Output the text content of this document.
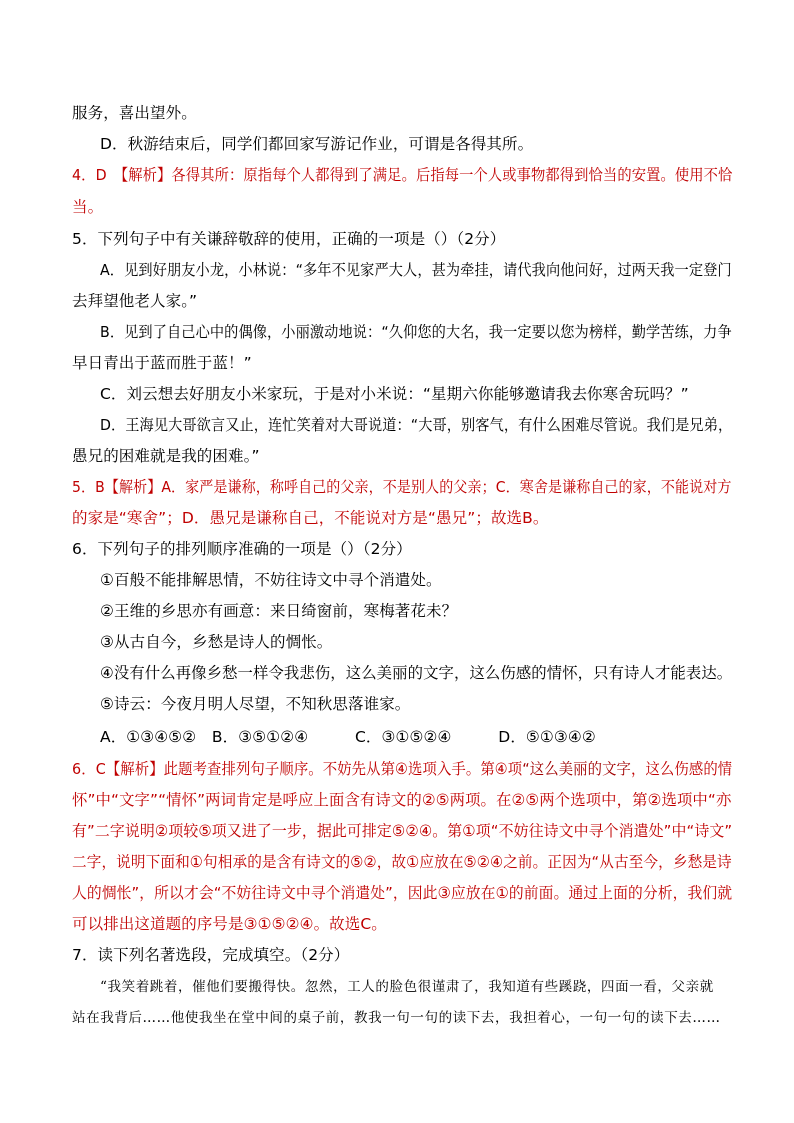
服务，喜出望外。
D．秋游结束后，同学们都回家写游记作业，可谓是各得其所。
4．D　【解析】各得其所：原指每个人都得到了满足。后指每一个人或事物都得到恰当的安置。使用不恰
当。
5．下列句子中有关谦辞敬辞的使用，正确的一项是（）（2分）
A．见到好朋友小龙，小林说：“多年不见家严大人，甚为牵挂，请代我向他问好，过两天我一定登门
去拜望他老人家。”
B．见到了自己心中的偶像，小丽激动地说：“久仰您的大名，我一定要以您为榜样，勤学苦练，力争
早日青出于蓝而胜于蓝！”
C．刘云想去好朋友小米家玩，于是对小米说：“星期六你能够邀请我去你寒舍玩吗？”
D．王海见大哥欲言又止，连忙笑着对大哥说道：“大哥，别客气，有什么困难尽管说。我们是兄弟，
愚兄的困难就是我的困难。”
5．B【解析】A．家严是谦称，称呼自己的父亲，不是别人的父亲；C．寒舍是谦称自己的家，不能说对方
的家是“寒舍”；D．愚兄是谦称自己，不能说对方是“愚兄”；故选B。
6．下列句子的排列顺序准确的一项是（）（2分）
①百般不能排解思情，不妨往诗文中寻个消遣处。
②王维的乡思亦有画意：来日绮窗前，寒梅著花未？
③从古自今，乡愁是诗人的惆怅。
④没有什么再像乡愁一样令我悲伤，这么美丽的文字，这么伤感的情怀，只有诗人才能表达。
⑤诗云：今夜月明人尽望，不知秋思落谁家。
A．①③④⑤②　B．③⑤①②④　　　C．③①⑤②④　　　D．⑤①③④②
6．C【解析】此题考查排列句子顺序。不妨先从第④选项入手。第④项“这么美丽的文字，这么伤感的情
怀”中“文字”“情怀”两词肯定是呼应上面含有诗文的②⑤两项。在②⑤两个选项中，第②选项中“亦
有”二字说明②项较⑤项又进了一步，据此可排定⑤②④。第①项“不妨往诗文中寻个消遣处”中“诗文”
二字，说明下面和①句相承的是含有诗文的⑤②，故①应放在⑤②④之前。正因为“从古至今，乡愁是诗
人的惆怅”，所以才会“不妨往诗文中寻个消遣处”，因此③应放在①的前面。通过上面的分析，我们就
可以排出这道题的序号是③①⑤②④。故选C。
7．读下列名著选段，完成填空。（2分）
“我笑着跳着，催他们要搬得快。忽然，工人的脸色很谨肃了，我知道有些蹊跷，四面一看，父亲就
站在我背后……他使我坐在堂中间的桌子前，教我一句一句的读下去，我担着心，一句一句的读下去……
